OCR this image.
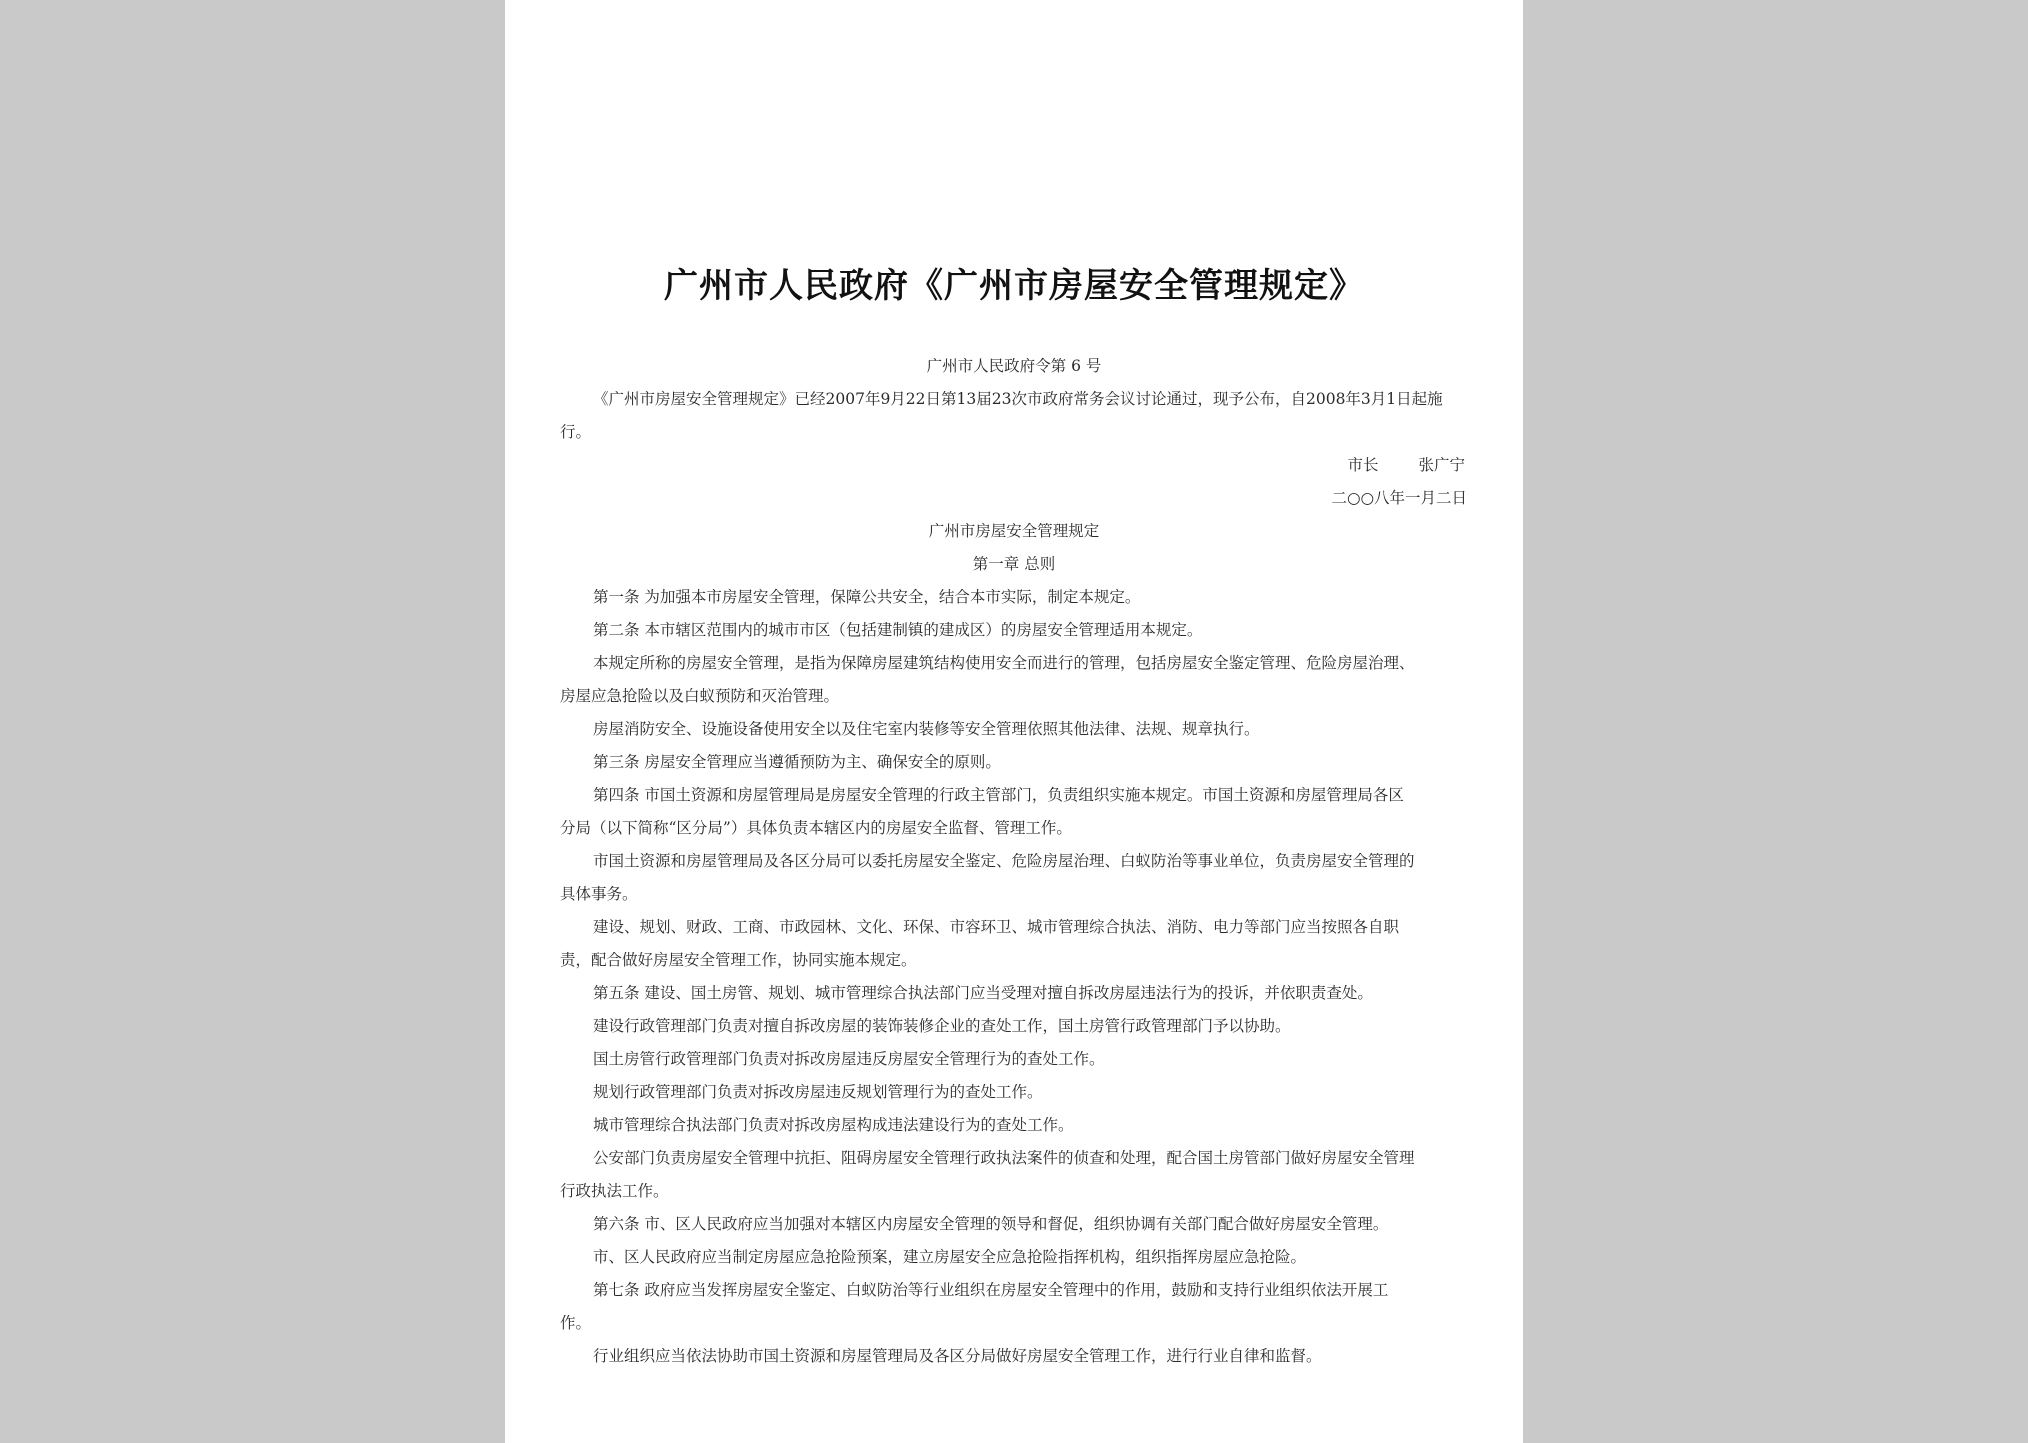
广州市人民政府《广州市房屋安全管理规定》
广州市人民政府令第 6 号
《广州市房屋安全管理规定》已经2007年9月22日第13届23次市政府常务会议讨论通过，现予公布，自2008年3月1日起施
行。
市长	张广宁
二○○八年一月二日
广州市房屋安全管理规定
第一章 总则
第一条 为加强本市房屋安全管理，保障公共安全，结合本市实际，制定本规定。
第二条 本市辖区范围内的城市市区（包括建制镇的建成区）的房屋安全管理适用本规定。
本规定所称的房屋安全管理，是指为保障房屋建筑结构使用安全而进行的管理，包括房屋安全鉴定管理、危险房屋治理、
房屋应急抢险以及白蚁预防和灭治管理。
房屋消防安全、设施设备使用安全以及住宅室内装修等安全管理依照其他法律、法规、规章执行。
第三条 房屋安全管理应当遵循预防为主、确保安全的原则。
第四条 市国土资源和房屋管理局是房屋安全管理的行政主管部门，负责组织实施本规定。市国土资源和房屋管理局各区
分局（以下简称“区分局”）具体负责本辖区内的房屋安全监督、管理工作。
市国土资源和房屋管理局及各区分局可以委托房屋安全鉴定、危险房屋治理、白蚁防治等事业单位，负责房屋安全管理的
具体事务。
建设、规划、财政、工商、市政园林、文化、环保、市容环卫、城市管理综合执法、消防、电力等部门应当按照各自职
责，配合做好房屋安全管理工作，协同实施本规定。
第五条 建设、国土房管、规划、城市管理综合执法部门应当受理对擅自拆改房屋违法行为的投诉，并依职责查处。
建设行政管理部门负责对擅自拆改房屋的装饰装修企业的查处工作，国土房管行政管理部门予以协助。
国土房管行政管理部门负责对拆改房屋违反房屋安全管理行为的查处工作。
规划行政管理部门负责对拆改房屋违反规划管理行为的查处工作。
城市管理综合执法部门负责对拆改房屋构成违法建设行为的查处工作。
公安部门负责房屋安全管理中抗拒、阻碍房屋安全管理行政执法案件的侦查和处理，配合国土房管部门做好房屋安全管理
行政执法工作。
第六条 市、区人民政府应当加强对本辖区内房屋安全管理的领导和督促，组织协调有关部门配合做好房屋安全管理。
市、区人民政府应当制定房屋应急抢险预案，建立房屋安全应急抢险指挥机构，组织指挥房屋应急抢险。
第七条 政府应当发挥房屋安全鉴定、白蚁防治等行业组织在房屋安全管理中的作用，鼓励和支持行业组织依法开展工
作。
行业组织应当依法协助市国土资源和房屋管理局及各区分局做好房屋安全管理工作，进行行业自律和监督。
